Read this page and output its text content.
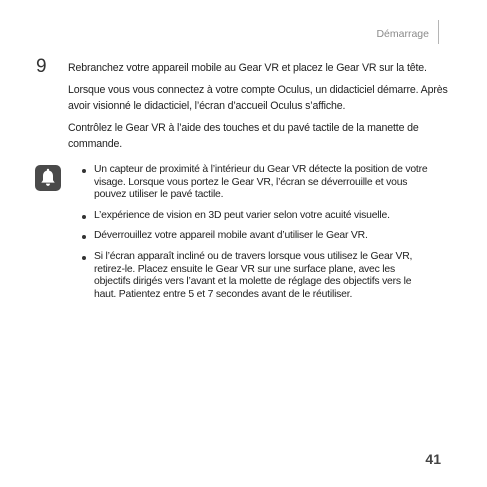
Démarrage

9 Rebranchez votre appareil mobile au Gear VR et placez le Gear VR sur la tête.

Lorsque vous vous connectez à votre compte Oculus, un didacticiel démarre. Après avoir visionné le didacticiel, l’écran d’accueil Oculus s’affiche.

Contrôlez le Gear VR à l’aide des touches et du pavé tactile de la manette de commande.

Un capteur de proximité à l’intérieur du Gear VR détecte la position de votre visage. Lorsque vous portez le Gear VR, l’écran se déverrouille et vous pouvez utiliser le pavé tactile.
L’expérience de vision en 3D peut varier selon votre acuité visuelle.
Déverrouillez votre appareil mobile avant d’utiliser le Gear VR.
Si l’écran apparaît incliné ou de travers lorsque vous utilisez le Gear VR, retirez-le. Placez ensuite le Gear VR sur une surface plane, avec les objectifs dirigés vers l’avant et la molette de réglage des objectifs vers le haut. Patientez entre 5 et 7 secondes avant de le réutiliser.

41
